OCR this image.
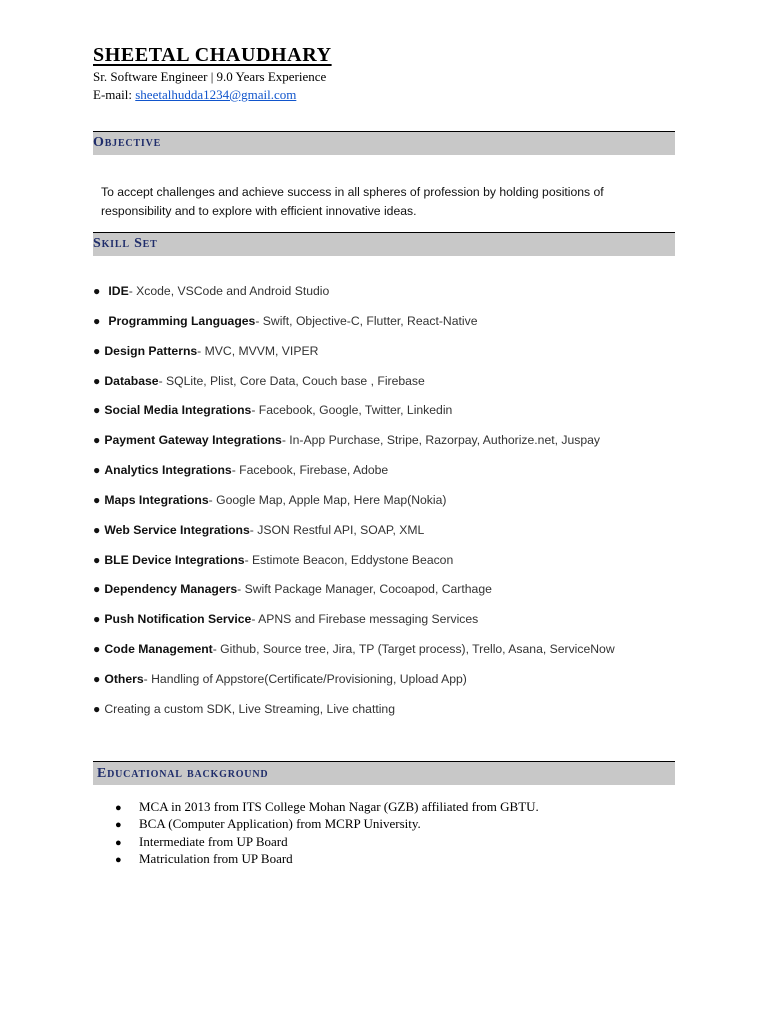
SHEETAL CHAUDHARY
Sr. Software Engineer | 9.0 Years Experience
E-mail: sheetalhudda1234@gmail.com
Objective
To accept challenges and achieve success in all spheres of profession by holding positions of
responsibility and to explore with efficient innovative ideas.
Skill Set
● IDE- Xcode, VSCode and Android Studio
● Programming Languages- Swift, Objective-C, Flutter, React-Native
● Design Patterns- MVC, MVVM, VIPER
● Database- SQLite, Plist, Core Data, Couch base , Firebase
● Social Media Integrations- Facebook, Google, Twitter, Linkedin
● Payment Gateway Integrations- In-App Purchase, Stripe, Razorpay, Authorize.net, Juspay
● Analytics Integrations- Facebook, Firebase, Adobe
● Maps Integrations- Google Map, Apple Map, Here Map(Nokia)
● Web Service Integrations- JSON Restful API, SOAP, XML
● BLE Device Integrations- Estimote Beacon, Eddystone Beacon
● Dependency Managers- Swift Package Manager, Cocoapod, Carthage
● Push Notification Service- APNS and Firebase messaging Services
● Code Management- Github, Source tree, Jira, TP (Target process), Trello, Asana, ServiceNow
● Others- Handling of Appstore(Certificate/Provisioning, Upload App)
● Creating a custom SDK, Live Streaming, Live chatting
Educational background
● MCA in 2013 from ITS College Mohan Nagar (GZB) affiliated from GBTU.
● BCA (Computer Application) from MCRP University.
● Intermediate from UP Board
● Matriculation from UP Board
